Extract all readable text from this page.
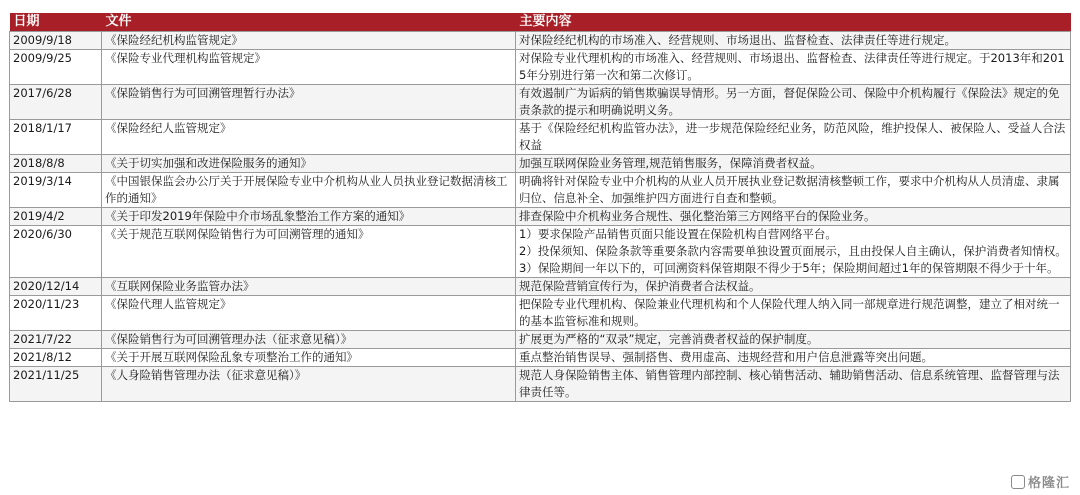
日期	文件	主要内容
2009/9/18	《保险经纪机构监管规定》	对保险经纪机构的市场准入、经营规则、市场退出、监督检查、法律责任等进行规定。

2009/9/25	《保险专业代理机构监管规定》	对保险专业代理机构的市场准入、经营规则、市场退出、监督检查、法律责任等进行规定。于2013年和2015年分别进行第一次和第二次修订。

2017/6/28	《保险销售行为可回溯管理暂行办法》	有效遏制广为诟病的销售欺骗误导情形。另一方面，督促保险公司、保险中介机构履行《保险法》规定的免责条款的提示和明确说明义务。

2018/1/17	《保险经纪人监管规定》	基于《保险经纪机构监管办法》，进一步规范保险经纪业务，防范风险，维护投保人、被保险人、受益人合法权益

2018/8/8	《关于切实加强和改进保险服务的通知》	加强互联网保险业务管理,规范销售服务，保障消费者权益。

2019/3/14	《中国银保监会办公厅关于开展保险专业中介机构从业人员执业登记数据清核工作的通知》	明确将针对保险专业中介机构的从业人员开展执业登记数据清核整顿工作，要求中介机构从人员清虚、隶属归位、信息补全、加强维护四方面进行自查和整顿。

2019/4/2	《关于印发2019年保险中介市场乱象整治工作方案的通知》	排查保险中介机构业务合规性、强化整治第三方网络平台的保险业务。

2020/6/30	《关于规范互联网保险销售行为可回溯管理的通知》	1）要求保险产品销售页面只能设置在保险机构自营网络平台。
2）投保须知、保险条款等重要条款内容需要单独设置页面展示，且由投保人自主确认，保护消费者知情权。
3）保险期间一年以下的，可回溯资料保管期限不得少于5年；保险期间超过1年的保管期限不得少于十年。

2020/12/14	《互联网保险业务监管办法》	规范保险营销宣传行为，保护消费者合法权益。

2020/11/23	《保险代理人监管规定》	把保险专业代理机构、保险兼业代理机构和个人保险代理人纳入同一部规章进行规范调整，建立了相对统一的基本监管标准和规则。

2021/7/22	《保险销售行为可回溯管理办法（征求意见稿）》	扩展更为严格的“双录”规定，完善消费者权益的保护制度。

2021/8/12	《关于开展互联网保险乱象专项整治工作的通知》	重点整治销售误导、强制搭售、费用虚高、违规经营和用户信息泄露等突出问题。

2021/11/25	《人身险销售管理办法（征求意见稿）》	规范人身保险销售主体、销售管理内部控制、核心销售活动、辅助销售活动、信息系统管理、监督管理与法律责任等。
格隆汇
